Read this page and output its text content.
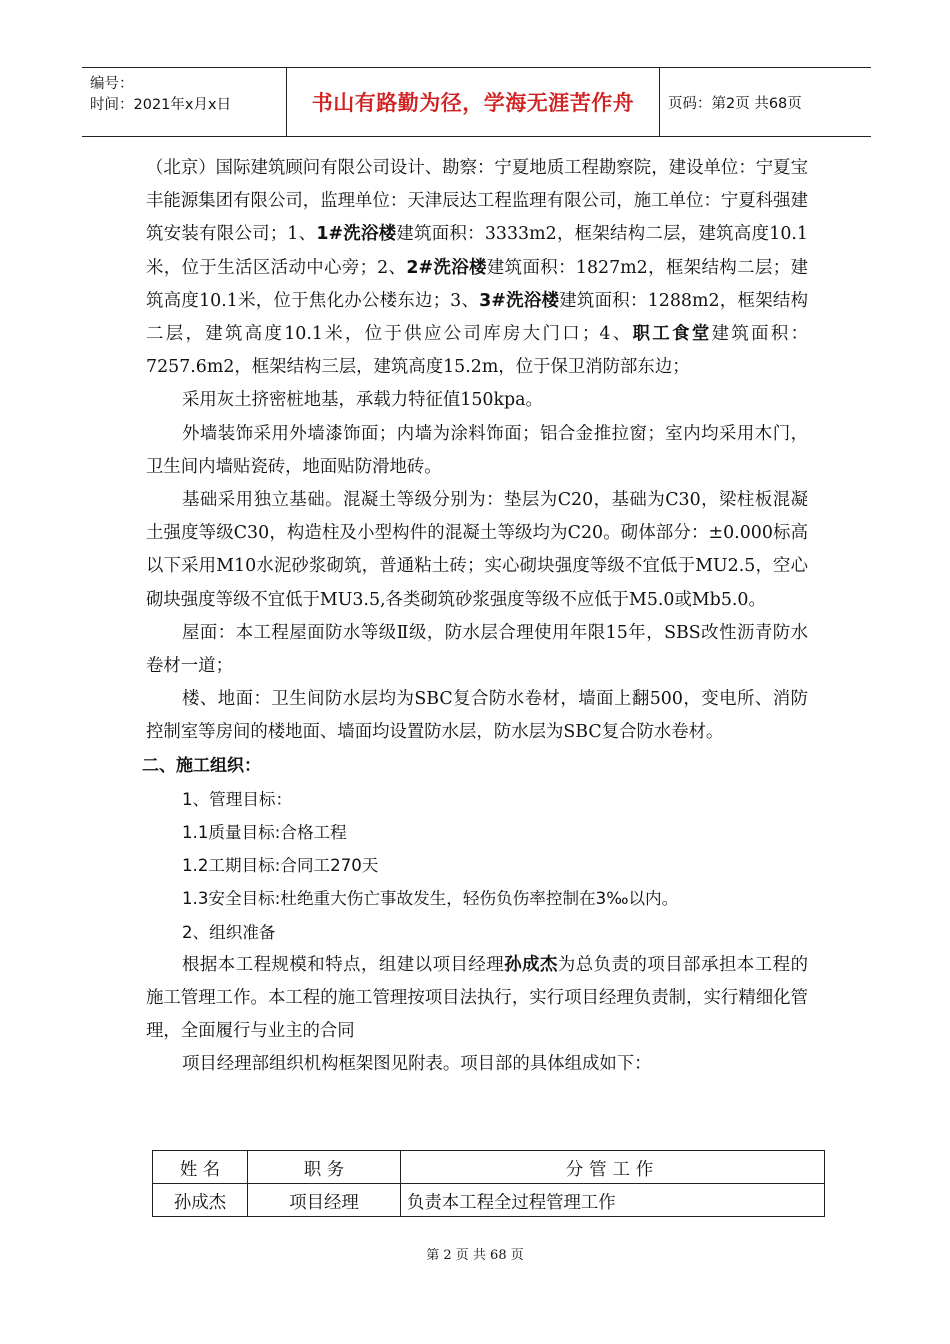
编号：
时间：2021年x月x日	书山有路勤为径，学海无涯苦作舟	页码：第2页 共68页

（北京）国际建筑顾问有限公司设计、勘察：宁夏地质工程勘察院，建设单位：宁夏宝丰能源集团有限公司，监理单位：天津辰达工程监理有限公司，施工单位：宁夏科强建筑安装有限公司；1、1#洗浴楼建筑面积：3333m2，框架结构二层，建筑高度10.1米，位于生活区活动中心旁；2、2#洗浴楼建筑面积：1827m2，框架结构二层；建筑高度10.1米，位于焦化办公楼东边；3、3#洗浴楼建筑面积：1288m2，框架结构二层，建筑高度10.1米，位于供应公司库房大门口；4、职工食堂建筑面积：7257.6m2，框架结构三层，建筑高度15.2m，位于保卫消防部东边；

采用灰土挤密桩地基，承载力特征值150kpa。

外墙装饰采用外墙漆饰面；内墙为涂料饰面；铝合金推拉窗；室内均采用木门，卫生间内墙贴瓷砖，地面贴防滑地砖。

基础采用独立基础。混凝土等级分别为：垫层为C20，基础为C30，梁柱板混凝土强度等级C30，构造柱及小型构件的混凝土等级均为C20。砌体部分：±0.000标高以下采用M10水泥砂浆砌筑，普通粘土砖；实心砌块强度等级不宜低于MU2.5，空心砌块强度等级不宜低于MU3.5,各类砌筑砂浆强度等级不应低于M5.0或Mb5.0。

屋面：本工程屋面防水等级Ⅱ级，防水层合理使用年限15年，SBS改性沥青防水卷材一道；

楼、地面：卫生间防水层均为SBC复合防水卷材，墙面上翻500，变电所、消防控制室等房间的楼地面、墙面均设置防水层，防水层为SBC复合防水卷材。

二、施工组织：

1、管理目标：

1.1质量目标:合格工程

1.2工期目标:合同工270天

1.3安全目标:杜绝重大伤亡事故发生，轻伤负伤率控制在3‰以内。

2、组织准备

根据本工程规模和特点，组建以项目经理孙成杰为总负责的项目部承担本工程的施工管理工作。本工程的施工管理按项目法执行，实行项目经理负责制，实行精细化管理，全面履行与业主的合同

项目经理部组织机构框架图见附表。项目部的具体组成如下：

姓 名	职 务	分管工作
孙成杰	项目经理	负责本工程全过程管理工作
第 2 页 共 68 页
